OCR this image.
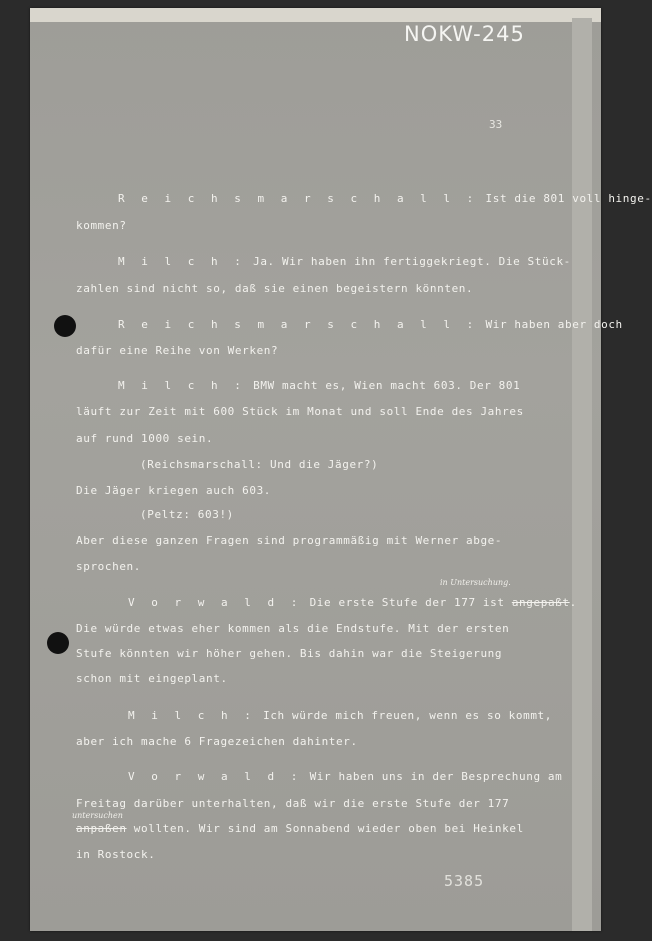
NOKW-245
33
R e i c h s m a r s c h a l l : Ist die 801 voll hinge-
kommen?
M i l c h : Ja. Wir haben ihn fertiggekriegt. Die Stück-
zahlen sind nicht so, daß sie einen begeistern könnten.
R e i c h s m a r s c h a l l : Wir haben aber doch
dafür eine Reihe von Werken?
M i l c h : BMW macht es, Wien macht 603. Der 801
läuft zur Zeit mit 600 Stück im Monat und soll Ende des Jahres
auf rund 1000 sein.
(Reichsmarschall: Und die Jäger?)
Die Jäger kriegen auch 603.
(Peltz: 603!)
Aber diese ganzen Fragen sind programmäßig mit Werner abge-
sprochen.
in Untersuchung.
V o r w a l d : Die erste Stufe der 177 ist angepaßt.
Die würde etwas eher kommen als die Endstufe. Mit der ersten
Stufe könnten wir höher gehen. Bis dahin war die Steigerung
schon mit eingeplant.
M i l c h : Ich würde mich freuen, wenn es so kommt,
aber ich mache 6 Fragezeichen dahinter.
V o r w a l d : Wir haben uns in der Besprechung am
Freitag darüber unterhalten, daß wir die erste Stufe der 177
untersuchen
anpaßen wollten. Wir sind am Sonnabend wieder oben bei Heinkel
in Rostock.
5385
